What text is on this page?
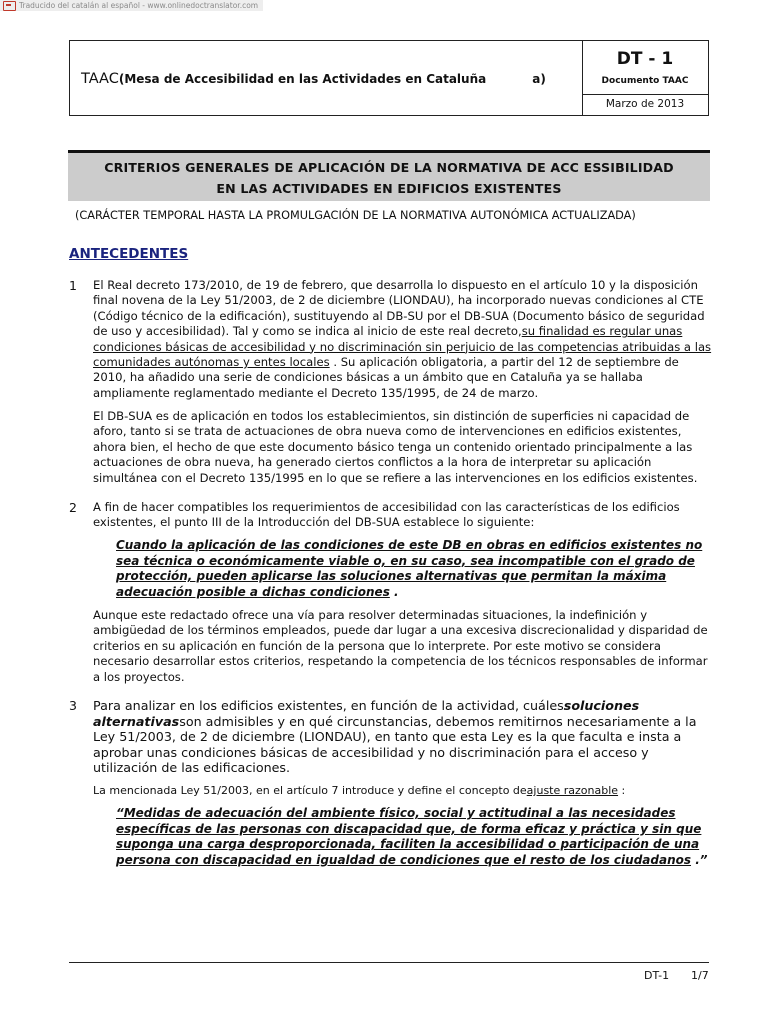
Traducido del catalán al español - www.onlinedoctranslator.com
TAAC(Mesa de Accesibilidad en las Actividades en Cataluña	a)
DT - 1
Documento TAAC
Marzo de 2013
CRITERIOS GENERALES DE APLICACIÓN DE LA NORMATIVA DE ACC ESSIBILIDAD
EN LAS ACTIVIDADES EN EDIFICIOS EXISTENTES
(CARÁCTER TEMPORAL HASTA LA PROMULGACIÓN DE LA NORMATIVA AUTONÓMICA ACTUALIZADA)
ANTECEDENTES
1 El Real decreto 173/2010, de 19 de febrero, que desarrolla lo dispuesto en el artículo 10 y la disposición final novena de la Ley 51/2003, de 2 de diciembre (LIONDAU), ha incorporado nuevas condiciones al CTE (Código técnico de la edificación), sustituyendo al DB-SU por el DB-SUA (Documento básico de seguridad de uso y accesibilidad). Tal y como se indica al inicio de este real decreto,su finalidad es regular unas condiciones básicas de accesibilidad y no discriminación sin perjuicio de las competencias atribuidas a las comunidades autónomas y entes locales . Su aplicación obligatoria, a partir del 12 de septiembre de 2010, ha añadido una serie de condiciones básicas a un ámbito que en Cataluña ya se hallaba ampliamente reglamentado mediante el Decreto 135/1995, de 24 de marzo.
El DB-SUA es de aplicación en todos los establecimientos, sin distinción de superficies ni capacidad de aforo, tanto si se trata de actuaciones de obra nueva como de intervenciones en edificios existentes, ahora bien, el hecho de que este documento básico tenga un contenido orientado principalmente a las actuaciones de obra nueva, ha generado ciertos conflictos a la hora de interpretar su aplicación simultánea con el Decreto 135/1995 en lo que se refiere a las intervenciones en los edificios existentes.
2 A fin de hacer compatibles los requerimientos de accesibilidad con las características de los edificios existentes, el punto III de la Introducción del DB-SUA establece lo siguiente:
Cuando la aplicación de las condiciones de este DB en obras en edificios existentes no sea técnica o económicamente viable o, en su caso, sea incompatible con el grado de protección, pueden aplicarse las soluciones alternativas que permitan la máxima adecuación posible a dichas condiciones .
Aunque este redactado ofrece una vía para resolver determinadas situaciones, la indefinición y ambigüedad de los términos empleados, puede dar lugar a una excesiva discrecionalidad y disparidad de criterios en su aplicación en función de la persona que lo interprete. Por este motivo se considera necesario desarrollar estos criterios, respetando la competencia de los técnicos responsables de informar a los proyectos.
3 Para analizar en los edificios existentes, en función de la actividad, cuálessoluciones alternativasson admisibles y en qué circunstancias, debemos remitirnos necesariamente a la Ley 51/2003, de 2 de diciembre (LIONDAU), en tanto que esta Ley es la que faculta e insta a aprobar unas condiciones básicas de accesibilidad y no discriminación para el acceso y utilización de las edificaciones.
La mencionada Ley 51/2003, en el artículo 7 introduce y define el concepto deajuste razonable :
“Medidas de adecuación del ambiente físico, social y actitudinal a las necesidades específicas de las personas con discapacidad que, de forma eficaz y práctica y sin que suponga una carga desproporcionada, faciliten la accesibilidad o participación de una persona con discapacidad en igualdad de condiciones que el resto de los ciudadanos .”
DT-1 1/7
